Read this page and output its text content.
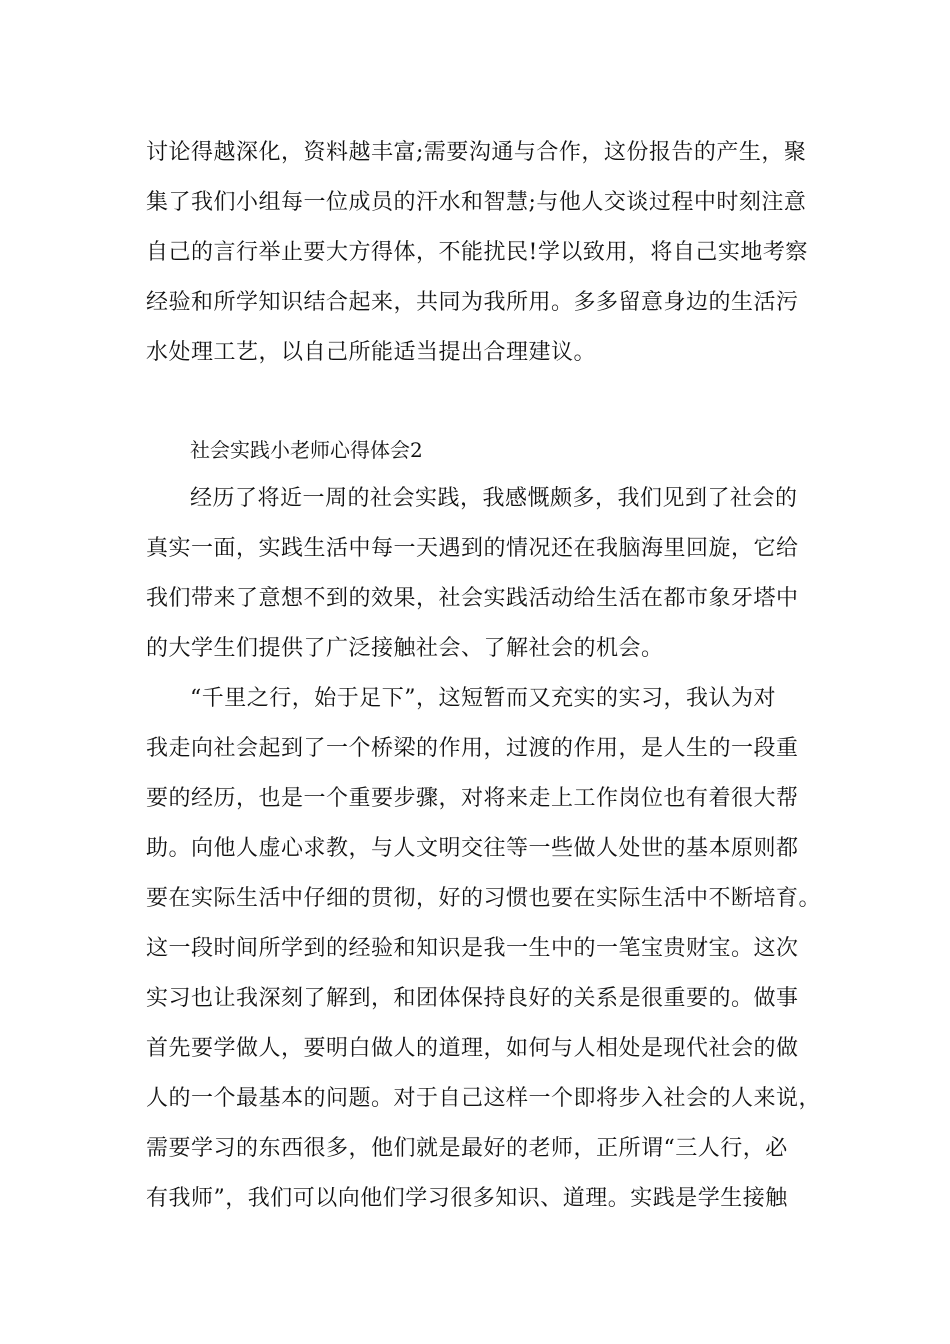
讨论得越深化，资料越丰富;需要沟通与合作，这份报告的产生，聚
集了我们小组每一位成员的汗水和智慧;与他人交谈过程中时刻注意
自己的言行举止要大方得体，不能扰民!学以致用，将自己实地考察
经验和所学知识结合起来，共同为我所用。多多留意身边的生活污
水处理工艺，以自己所能适当提出合理建议。
社会实践小老师心得体会2
经历了将近一周的社会实践，我感慨颇多，我们见到了社会的
真实一面，实践生活中每一天遇到的情况还在我脑海里回旋，它给
我们带来了意想不到的效果，社会实践活动给生活在都市象牙塔中
的大学生们提供了广泛接触社会、了解社会的机会。
“千里之行，始于足下”，这短暂而又充实的实习，我认为对
我走向社会起到了一个桥梁的作用，过渡的作用，是人生的一段重
要的经历，也是一个重要步骤，对将来走上工作岗位也有着很大帮
助。向他人虚心求教，与人文明交往等一些做人处世的基本原则都
要在实际生活中仔细的贯彻，好的习惯也要在实际生活中不断培育。
这一段时间所学到的经验和知识是我一生中的一笔宝贵财宝。这次
实习也让我深刻了解到，和团体保持良好的关系是很重要的。做事
首先要学做人，要明白做人的道理，如何与人相处是现代社会的做
人的一个最基本的问题。对于自己这样一个即将步入社会的人来说，
需要学习的东西很多，他们就是最好的老师，正所谓“三人行，必
有我师”，我们可以向他们学习很多知识、道理。实践是学生接触
